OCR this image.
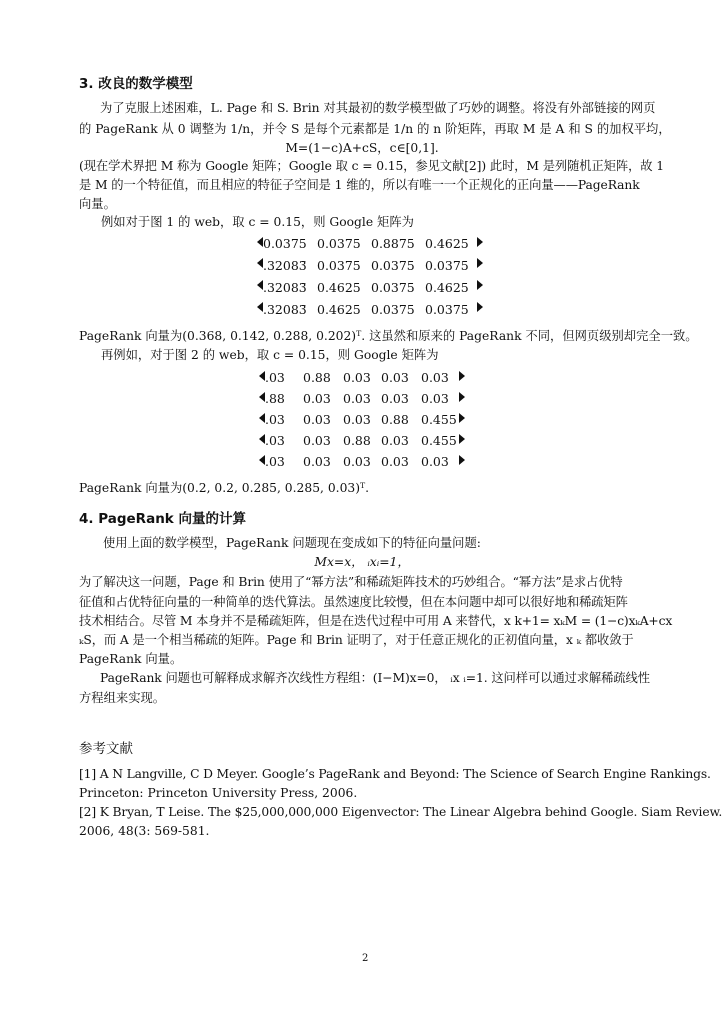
3. 改良的数学模型
为了克服上述困难，L. Page 和 S. Brin 对其最初的数学模型做了巧妙的调整。将没有外部链接的网页
的 PageRank 从 0 调整为 1/n，并令 S 是每个元素都是 1/n 的 n 阶矩阵，再取 M 是 A 和 S 的加权平均，
M=(1−c)A+cS，c∈[0,1].
(现在学术界把 M 称为 Google 矩阵；Google 取 c = 0.15，参见文献[2]) 此时，M 是列随机正矩阵，故 1
是 M 的一个特征值，而且相应的特征子空间是 1 维的，所以有唯一一个正规化的正向量——PageRank
向量。
例如对于图 1 的 web，取 c = 0.15，则 Google 矩阵为
0.0375 0.0375 0.8875 0.4625
.32083̄ 0.0375 0.0375 0.0375
.32083̄ 0.4625 0.0375 0.4625
.32083̄ 0.4625 0.0375 0.0375
PageRank 向量为(0.368, 0.142, 0.288, 0.202)ᵀ. 这虽然和原来的 PageRank 不同，但网页级别却完全一致。
再例如，对于图 2 的 web，取 c = 0.15，则 Google 矩阵为
.03	0.88 0.03 0.03 0.03
.88	0.03 0.03 0.03 0.03
.03	0.03 0.03 0.88 0.455
.03	0.03 0.88 0.03 0.455
.03	0.03 0.03 0.03 0.03
PageRank 向量为(0.2, 0.2, 0.285, 0.285, 0.03)ᵀ.
4. PageRank 向量的计算
使用上面的数学模型，PageRank 问题现在变成如下的特征向量问题:
Mx=x， ᵢxᵢ=1，
为了解决这一问题，Page 和 Brin 使用了“幂方法”和稀疏矩阵技术的巧妙组合。“幂方法”是求占优特
征值和占优特征向量的一种简单的迭代算法。虽然速度比较慢，但在本问题中却可以很好地和稀疏矩阵
技术相结合。尽管 M 本身并不是稀疏矩阵，但是在迭代过程中可用 A 来替代，x k+1= xₖM = (1−c)xₖA+cx
ₖS，而 A 是一个相当稀疏的矩阵。Page 和 Brin 证明了，对于任意正规化的正初值向量，x ₖ 都收敛于
PageRank 向量。
PageRank 问题也可解释成求解齐次线性方程组：(I−M)x=0， ᵢx ᵢ=1. 这问样可以通过求解稀疏线性
方程组来实现。
参考文献
[1] A N Langville, C D Meyer. Google’s PageRank and Beyond: The Science of Search Engine Rankings.
Princeton: Princeton University Press, 2006.
[2] K Bryan, T Leise. The $25,000,000,000 Eigenvector: The Linear Algebra behind Google. Siam Review.
2006, 48(3: 569-581.
2
